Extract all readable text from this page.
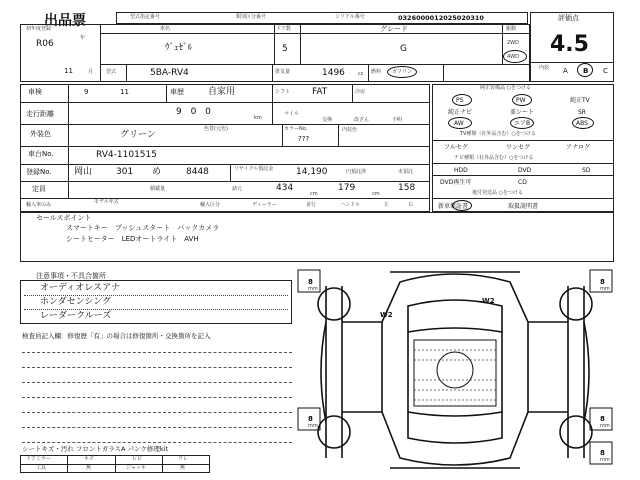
出品票	型式指定番号	類別区分番号	シリアル番号	0326000012025020310	評価点
4.5
内装 A B C
初年度登録
R06
年
11	月
車名
ｳﾞｪｾﾞﾙ
ドア数
5
グレード
G
駆動
2WD
4WD
型式	5BA-RV4	排気量	1496	cc 燃料 ガソリン
車検	9	11	車歴	自家用	シフト FAT	冷房
走行距離	9 0 0
km
マイル
交換	改ざん	不明
外装色	グリーン
色替(元色)	カラーNo.
???
内装色
車台No.	RV4-1101515
登録No. 岡山	301 め	8448	リサイクル預託金	14,190	円預託済	未預託
定員	積載量	諸元	434	179	158
cm	cm
輸入車のみ	モデル年式	輸入区分	ディーラー	並行	ハンドル	左	右
純正装備品 ○をつける
PS	PW	純正TV
純正ナビ	革シート	SR
AW	エアB	ABS
TV種類（社外品含む）○をつける
フルセグ	ワンセグ	アナログ
ナビ種類（社外品含む）○をつける
HDD	DVD	SD
DVD再生可	CD
後付発送品 ○をつける
新車保証書	取扱説明書
セールスポイント
スマートキー　プッシュスタート　バックカメラ
シートヒーター　LEDオートライト　AVH
注意事項・不具合箇所
オーディオレスアナ
ホンダセンシング
レーダークルーズ
検査員記入欄：修復歴「有」の場合は修復箇所・交換箇所を記入
シートキズ・汚れ フロントガラスA パンク修理kit
ドアミラー	キズ	ヒビ	ワレ
工具	無	ジャッキ	無
8
mm
8
mm
8
mm
8
mm
8
mm
W2
W2
